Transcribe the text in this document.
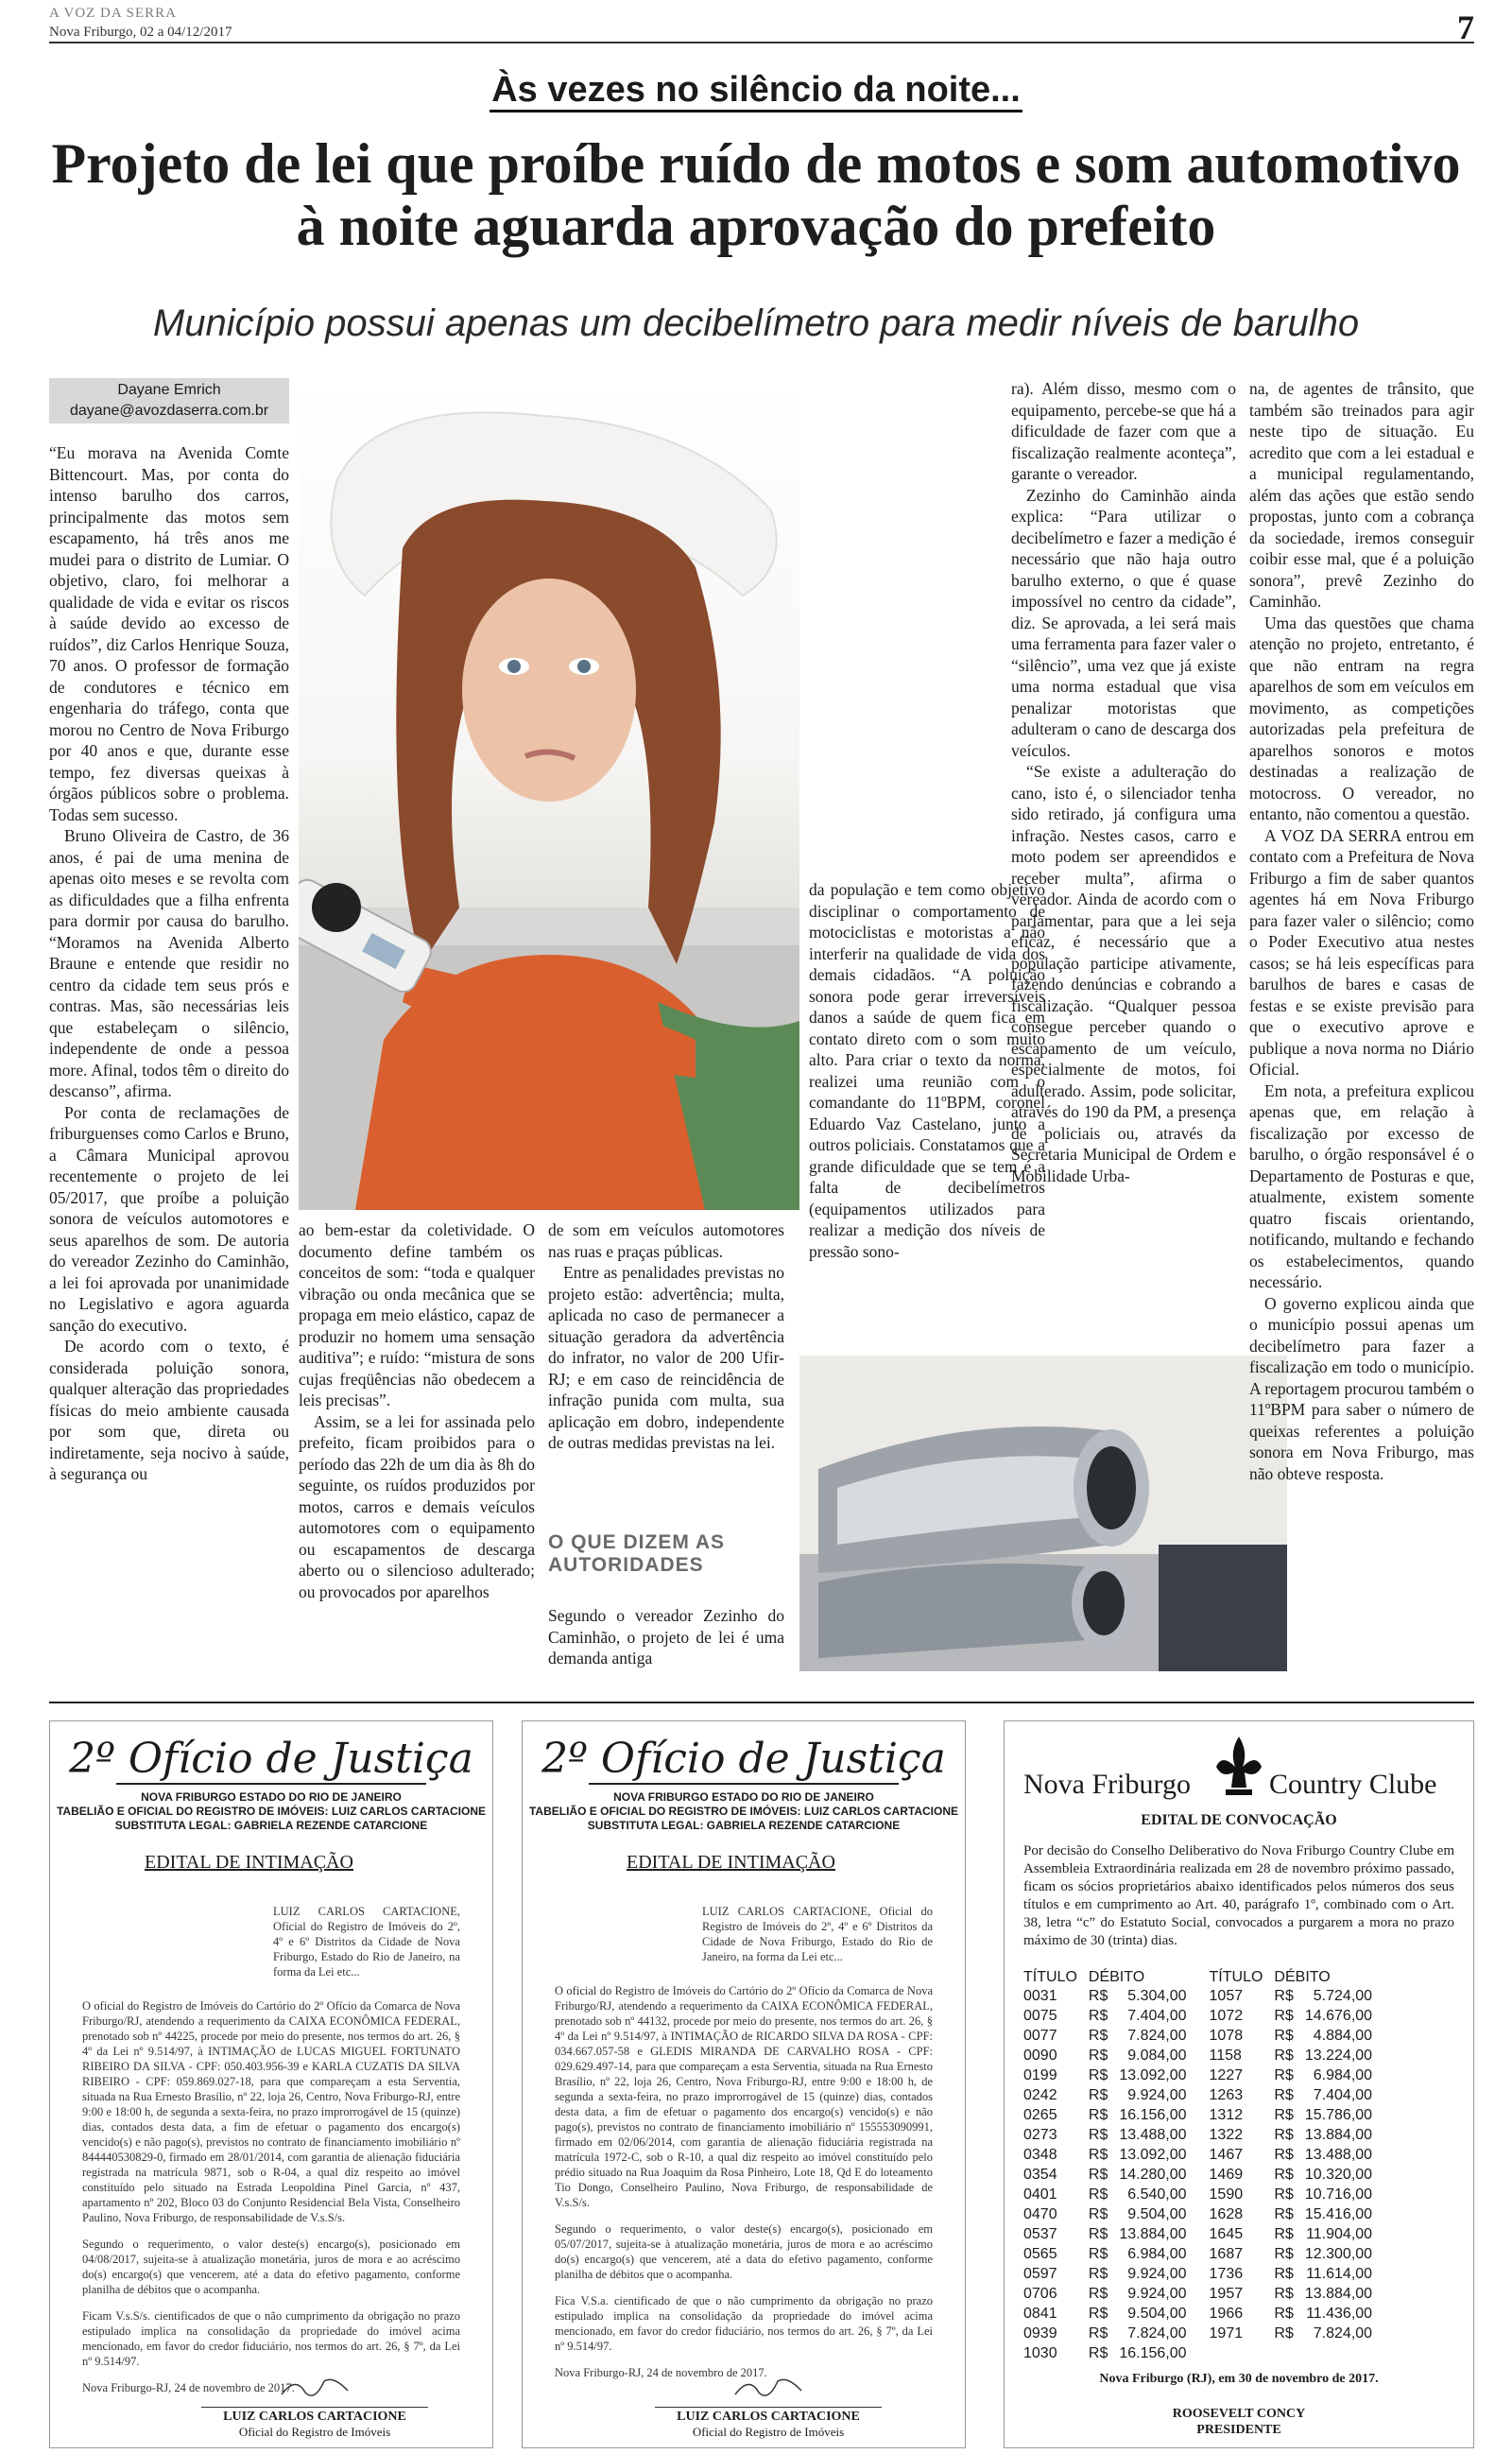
A VOZ DA SERRA
Nova Friburgo, 02 a 04/12/2017	7
Às vezes no silêncio da noite...
Projeto de lei que proíbe ruído de motos e som automotivo à noite aguarda aprovação do prefeito
Município possui apenas um decibelímetro para medir níveis de barulho
Dayane Emrich
dayane@avozdaserra.com.br

“Eu morava na Avenida Comte Bittencourt. Mas, por conta do intenso barulho dos carros, principalmente das motos sem escapamento, há três anos me mudei para o distrito de Lumiar. O objetivo, claro, foi melhorar a qualidade de vida e evitar os riscos à saúde devido ao excesso de ruídos”, diz Carlos Henrique Souza, 70 anos. O professor de formação de condutores e técnico em engenharia do tráfego, conta que morou no Centro de Nova Friburgo por 40 anos e que, durante esse tempo, fez diversas queixas à órgãos públicos sobre o problema. Todas sem sucesso.

Bruno Oliveira de Castro, de 36 anos, é pai de uma menina de apenas oito meses e se revolta com as dificuldades que a filha enfrenta para dormir por causa do barulho. “Moramos na Avenida Alberto Braune e entende que residir no centro da cidade tem seus prós e contras. Mas, são necessárias leis que estabeleçam o silêncio, independente de onde a pessoa more. Afinal, todos têm o direito do descanso”, afirma.

Por conta de reclamações de friburguenses como Carlos e Bruno, a Câmara Municipal aprovou recentemente o projeto de lei 05/2017, que proíbe a poluição sonora de veículos automotores e seus aparelhos de som. De autoria do vereador Zezinho do Caminhão, a lei foi aprovada por unanimidade no Legislativo e agora aguarda sanção do executivo.

De acordo com o texto, é considerada poluição sonora, qualquer alteração das propriedades físicas do meio ambiente causada por som que, direta ou indiretamente, seja nocivo à saúde, à segurança ou

ao bem-estar da coletividade. O documento define também os conceitos de som: “toda e qualquer vibração ou onda mecânica que se propaga em meio elástico, capaz de produzir no homem uma sensação auditiva”; e ruído: “mistura de sons cujas freqüências não obedecem a leis precisas”.

Assim, se a lei for assinada pelo prefeito, ficam proibidos para o período das 22h de um dia às 8h do seguinte, os ruídos produzidos por motos, carros e demais veículos automotores com o equipamento ou escapamentos de descarga aberto ou o silencioso adulterado; ou provocados por aparelhos

de som em veículos automotores nas ruas e praças públicas.

Entre as penalidades previstas no projeto estão: advertência; multa, aplicada no caso de permanecer a situação geradora da advertência do infrator, no valor de 200 Ufir-RJ; e em caso de reincidência de infração punida com multa, sua aplicação em dobro, independente de outras medidas previstas na lei.

O QUE DIZEM AS AUTORIDADES

Segundo o vereador Zezinho do Caminhão, o projeto de lei é uma demanda antiga

da população e tem como objetivo disciplinar o comportamento de motociclistas e motoristas a não interferir na qualidade de vida dos demais cidadãos. “A poluição sonora pode gerar irreversíveis danos a saúde de quem fica em contato direto com o som muito alto. Para criar o texto da norma, realizei uma reunião com o comandante do 11ºBPM, coronel Eduardo Vaz Castelano, junto a outros policiais. Constatamos que a grande dificuldade que se tem é a falta de decibelímetros (equipamentos utilizados para realizar a medição dos níveis de pressão sono-

ra). Além disso, mesmo com o equipamento, percebe-se que há a dificuldade de fazer com que a fiscalização realmente aconteça”, garante o vereador.

Zezinho do Caminhão ainda explica: “Para utilizar o decibelímetro e fazer a medição é necessário que não haja outro barulho externo, o que é quase impossível no centro da cidade”, diz. Se aprovada, a lei será mais uma ferramenta para fazer valer o “silêncio”, uma vez que já existe uma norma estadual que visa penalizar motoristas que adulteram o cano de descarga dos veículos.

“Se existe a adulteração do cano, isto é, o silenciador tenha sido retirado, já configura uma infração. Nestes casos, carro e moto podem ser apreendidos e receber multa”, afirma o vereador. Ainda de acordo com o parlamentar, para que a lei seja eficaz, é necessário que a população participe ativamente, fazendo denúncias e cobrando a fiscalização. “Qualquer pessoa consegue perceber quando o escapamento de um veículo, especialmente de motos, foi adulterado. Assim, pode solicitar, através do 190 da PM, a presença de policiais ou, através da Secretaria Municipal de Ordem e Mobilidade Urba-

na, de agentes de trânsito, que também são treinados para agir neste tipo de situação. Eu acredito que com a lei estadual e a municipal regulamentando, além das ações que estão sendo propostas, junto com a cobrança da sociedade, iremos conseguir coibir esse mal, que é a poluição sonora”, prevê Zezinho do Caminhão.

Uma das questões que chama atenção no projeto, entretanto, é que não entram na regra aparelhos de som em veículos em movimento, as competições autorizadas pela prefeitura de aparelhos sonoros e motos destinadas a realização de motocross. O vereador, no entanto, não comentou a questão.

A VOZ DA SERRA entrou em contato com a Prefeitura de Nova Friburgo a fim de saber quantos agentes há em Nova Friburgo para fazer valer o silêncio; como o Poder Executivo atua nestes casos; se há leis específicas para barulhos de bares e casas de festas e se existe previsão para que o executivo aprove e publique a nova norma no Diário Oficial.

Em nota, a prefeitura explicou apenas que, em relação à fiscalização por excesso de barulho, o órgão responsável é o Departamento de Posturas e que, atualmente, existem somente quatro fiscais orientando, notificando, multando e fechando os estabelecimentos, quando necessário.

O governo explicou ainda que o município possui apenas um decibelímetro para fazer a fiscalização em todo o município. A reportagem procurou também o 11ºBPM para saber o número de queixas referentes a poluição sonora em Nova Friburgo, mas não obteve resposta.

2º Ofício de Justiça
NOVA FRIBURGO ESTADO DO RIO DE JANEIRO
TABELIÃO E OFICIAL DO REGISTRO DE IMÓVEIS: LUIZ CARLOS CARTACIONE
SUBSTITUTA LEGAL: GABRIELA REZENDE CATARCIONE
EDITAL DE INTIMAÇÃO
LUIZ CARLOS CARTACIONE, Oficial do Registro de Imóveis do 2º, 4º e 6º Distritos da Cidade de Nova Friburgo, Estado do Rio de Janeiro, na forma da Lei etc...
O oficial do Registro de Imóveis do Cartório do 2º Ofício da Comarca de Nova Friburgo/RJ, atendendo a requerimento da CAIXA ECONÔMICA FEDERAL, prenotado sob nº 44225, procede por meio do presente, nos termos do art. 26, § 4º da Lei nº 9.514/97, à INTIMAÇÃO de LUCAS MIGUEL FORTUNATO RIBEIRO DA SILVA - CPF: 050.403.956-39 e KARLA CUZATIS DA SILVA RIBEIRO - CPF: 059.869.027-18, para que compareçam a esta Serventia, situada na Rua Ernesto Brasílio, nº 22, loja 26, Centro, Nova Friburgo-RJ, entre 9:00 e 18:00 h, de segunda a sexta-feira, no prazo improrrogável de 15 (quinze) dias, contados desta data, a fim de efetuar o pagamento dos encargo(s) vencido(s) e não pago(s), previstos no contrato de financiamento imobiliário nº 844440530829-0, firmado em 28/01/2014, com garantia de alienação fiduciária registrada na matrícula 9871, sob o R-04, a qual diz respeito ao imóvel constituído pelo situado na Estrada Leopoldina Pinel Garcia, nº 437, apartamento nº 202, Bloco 03 do Conjunto Residencial Bela Vista, Conselheiro Paulino, Nova Friburgo, de responsabilidade de V.s.S/s.
Segundo o requerimento, o valor deste(s) encargo(s), posicionado em 04/08/2017, sujeita-se à atualização monetária, juros de mora e ao acréscimo do(s) encargo(s) que vencerem, até a data do efetivo pagamento, conforme planilha de débitos que o acompanha.
Ficam V.s.S/s. cientificados de que o não cumprimento da obrigação no prazo estipulado implica na consolidação da propriedade do imóvel acima mencionado, em favor do credor fiduciário, nos termos do art. 26, § 7º, da Lei nº 9.514/97.
Nova Friburgo-RJ, 24 de novembro de 2017.
LUIZ CARLOS CARTACIONE
Oficial do Registro de Imóveis
2º Ofício de Justiça
NOVA FRIBURGO ESTADO DO RIO DE JANEIRO
TABELIÃO E OFICIAL DO REGISTRO DE IMÓVEIS: LUIZ CARLOS CARTACIONE
SUBSTITUTA LEGAL: GABRIELA REZENDE CATARCIONE
EDITAL DE INTIMAÇÃO
LUIZ CARLOS CARTACIONE, Oficial do Registro de Imóveis do 2º, 4º e 6º Distritos da Cidade de Nova Friburgo, Estado do Rio de Janeiro, na forma da Lei etc...
O oficial do Registro de Imóveis do Cartório do 2º Ofício da Comarca de Nova Friburgo/RJ, atendendo a requerimento da CAIXA ECONÔMICA FEDERAL, prenotado sob nº 44132, procede por meio do presente, nos termos do art. 26, § 4º da Lei nº 9.514/97, à INTIMAÇÃO de RICARDO SILVA DA ROSA - CPF: 034.667.057-58 e GLEDIS MIRANDA DE CARVALHO ROSA - CPF: 029.629.497-14, para que compareçam a esta Serventia, situada na Rua Ernesto Brasílio, nº 22, loja 26, Centro, Nova Friburgo-RJ, entre 9:00 e 18:00 h, de segunda a sexta-feira, no prazo improrrogável de 15 (quinze) dias, contados desta data, a fim de efetuar o pagamento dos encargo(s) vencido(s) e não pago(s), previstos no contrato de financiamento imobiliário nº 155553090991, firmado em 02/06/2014, com garantia de alienação fiduciária registrada na matrícula 1972-C, sob o R-10, a qual diz respeito ao imóvel constituído pelo prédio situado na Rua Joaquim da Rosa Pinheiro, Lote 18, Qd E do loteamento Tio Dongo, Conselheiro Paulino, Nova Friburgo, de responsabilidade de V.s.S/s.
Segundo o requerimento, o valor deste(s) encargo(s), posicionado em 05/07/2017, sujeita-se à atualização monetária, juros de mora e ao acréscimo do(s) encargo(s) que vencerem, até a data do efetivo pagamento, conforme planilha de débitos que o acompanha.
Fica V.S.a. cientificado de que o não cumprimento da obrigação no prazo estipulado implica na consolidação da propriedade do imóvel acima mencionado, em favor do credor fiduciário, nos termos do art. 26, § 7º, da Lei nº 9.514/97.
Nova Friburgo-RJ, 24 de novembro de 2017.
LUIZ CARLOS CARTACIONE
Oficial do Registro de Imóveis
Nova Friburgo	Country Clube
EDITAL DE CONVOCAÇÃO
Por decisão do Conselho Deliberativo do Nova Friburgo Country Clube em Assembleia Extraordinária realizada em 28 de novembro próximo passado, ficam os sócios proprietários abaixo identificados pelos números dos seus títulos e em cumprimento ao Art. 40, parágrafo 1º, combinado com o Art. 38, letra “c” do Estatuto Social, convocados a purgarem a mora no prazo máximo de 30 (trinta) dias.
TÍTULO	DÉBITO		TÍTULO	DÉBITO	
0031	R$	5.304,00	1057	R$	5.724,00
0075	R$	7.404,00	1072	R$	14.676,00
0077	R$	7.824,00	1078	R$	4.884,00
0090	R$	9.084,00	1158	R$	13.224,00
0199	R$	13.092,00	1227	R$	6.984,00
0242	R$	9.924,00	1263	R$	7.404,00
0265	R$	16.156,00	1312	R$	15.786,00
0273	R$	13.488,00	1322	R$	13.884,00
0348	R$	13.092,00	1467	R$	13.488,00
0354	R$	14.280,00	1469	R$	10.320,00
0401	R$	6.540,00	1590	R$	10.716,00
0470	R$	9.504,00	1628	R$	15.416,00
0537	R$	13.884,00	1645	R$	11.904,00
0565	R$	6.984,00	1687	R$	12.300,00
0597	R$	9.924,00	1736	R$	11.614,00
0706	R$	9.924,00	1957	R$	13.884,00
0841	R$	9.504,00	1966	R$	11.436,00
0939	R$	7.824,00	1971	R$	7.824,00
1030	R$	16.156,00			
Nova Friburgo (RJ), em 30 de novembro de 2017.
ROOSEVELT CONCY
PRESIDENTE
